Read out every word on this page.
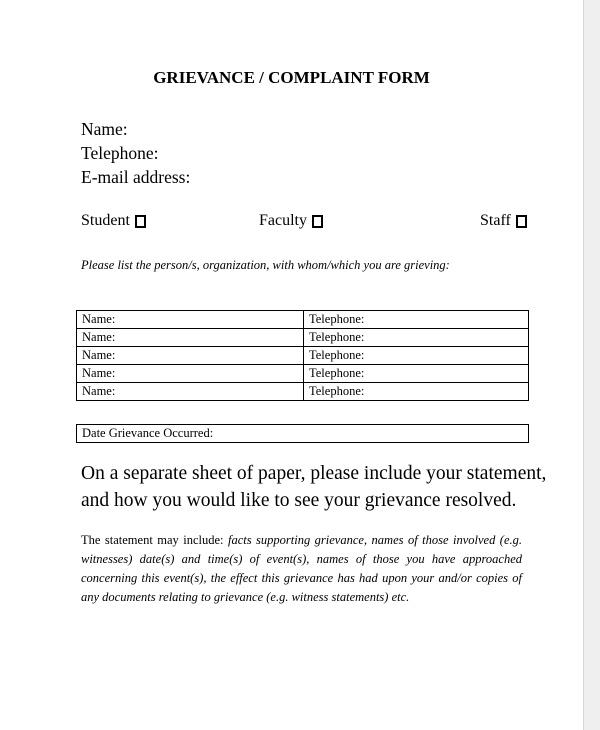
GRIEVANCE / COMPLAINT FORM
Name:
Telephone:
E-mail address:
Student	Faculty	Staff
Please list the person/s, organization, with whom/which you are grieving:
Name:	Telephone:
Name:	Telephone:
Name:	Telephone:
Name:	Telephone:
Name:	Telephone:
Date Grievance Occurred:
On a separate sheet of paper, please include your statement,
and how you would like to see your grievance resolved.
The statement may include: facts supporting grievance, names of those involved (e.g. witnesses) date(s) and time(s) of event(s), names of those you have approached concerning this event(s), the effect this grievance has had upon your and/or copies of any documents relating to grievance (e.g. witness statements) etc.
